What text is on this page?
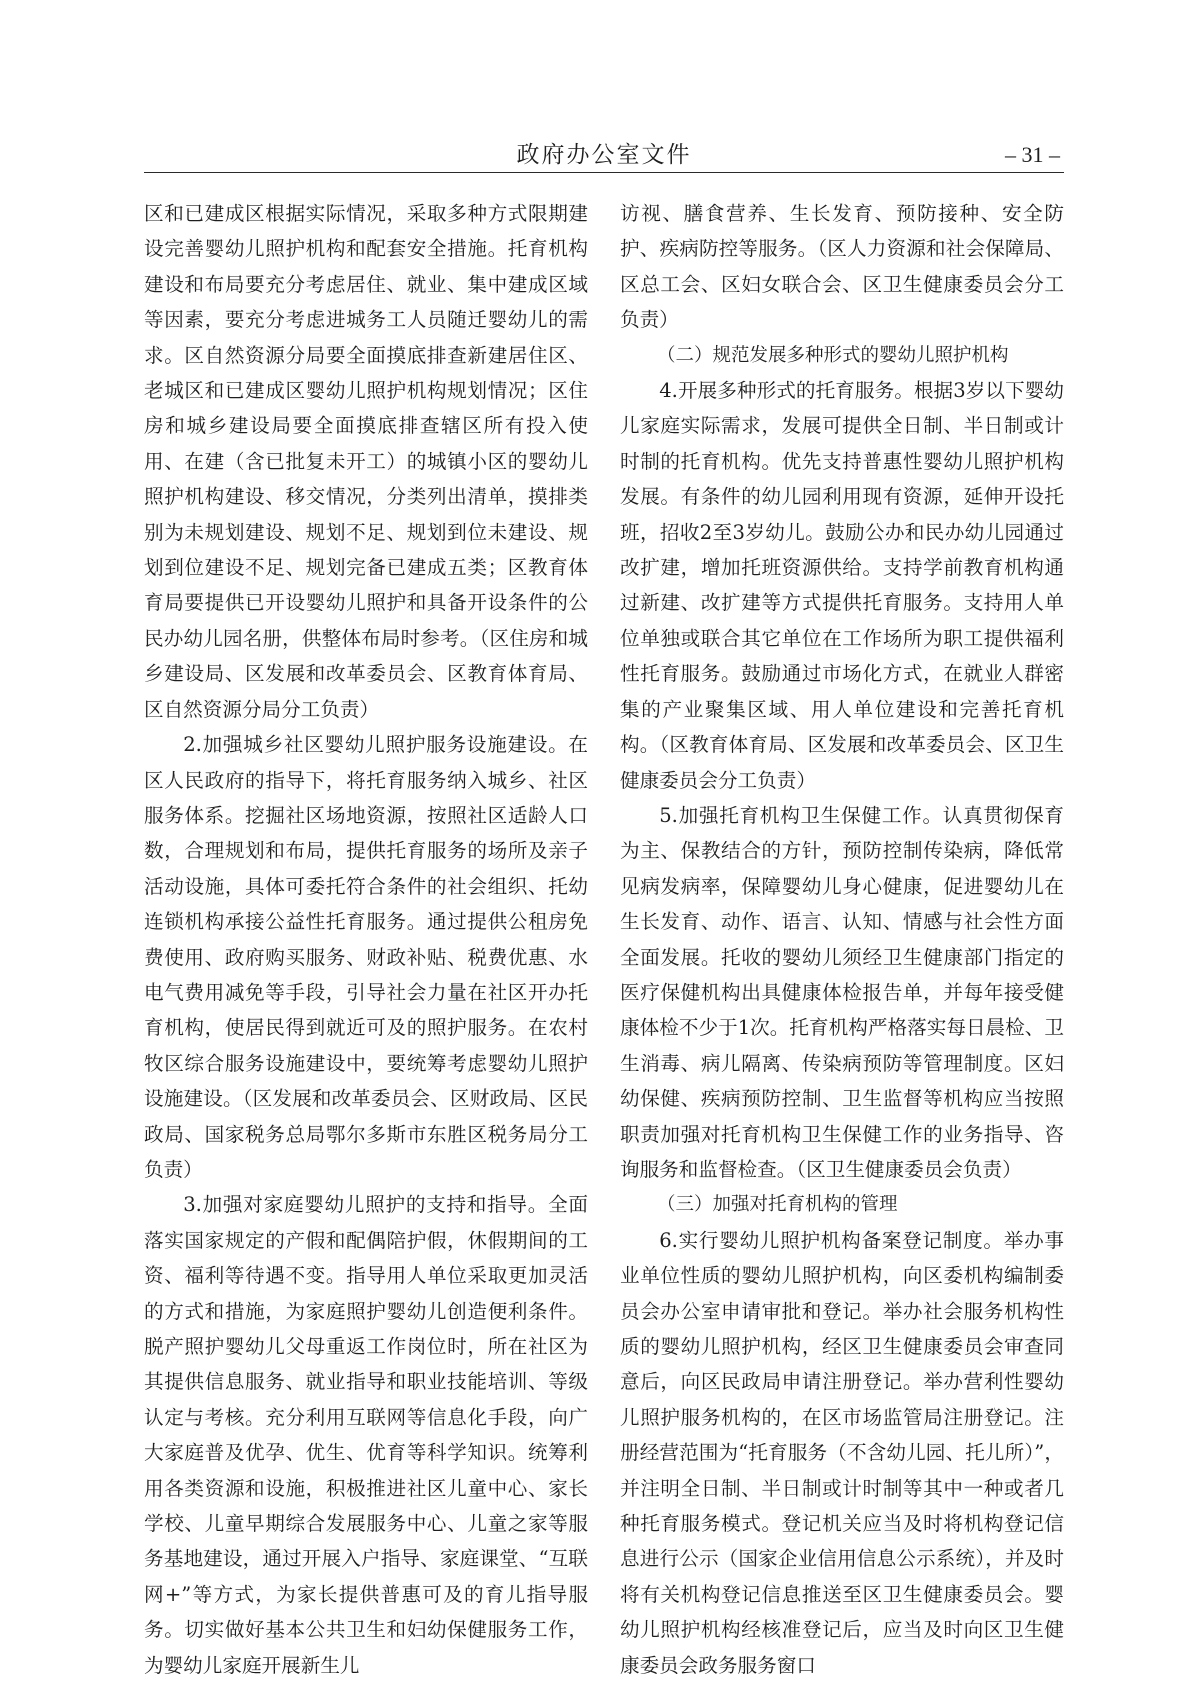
政府办公室文件	– 31 –

区和已建成区根据实际情况，采取多种方式限期建设完善婴幼儿照护机构和配套安全措施。托育机构建设和布局要充分考虑居住、就业、集中建成区域等因素，要充分考虑进城务工人员随迁婴幼儿的需求。区自然资源分局要全面摸底排查新建居住区、老城区和已建成区婴幼儿照护机构规划情况；区住房和城乡建设局要全面摸底排查辖区所有投入使用、在建（含已批复未开工）的城镇小区的婴幼儿照护机构建设、移交情况，分类列出清单，摸排类别为未规划建设、规划不足、规划到位未建设、规划到位建设不足、规划完备已建成五类；区教育体育局要提供已开设婴幼儿照护和具备开设条件的公民办幼儿园名册，供整体布局时参考。（区住房和城乡建设局、区发展和改革委员会、区教育体育局、区自然资源分局分工负责）

2.加强城乡社区婴幼儿照护服务设施建设。在区人民政府的指导下，将托育服务纳入城乡、社区服务体系。挖掘社区场地资源，按照社区适龄人口数，合理规划和布局，提供托育服务的场所及亲子活动设施，具体可委托符合条件的社会组织、托幼连锁机构承接公益性托育服务。通过提供公租房免费使用、政府购买服务、财政补贴、税费优惠、水电气费用减免等手段，引导社会力量在社区开办托育机构，使居民得到就近可及的照护服务。在农村牧区综合服务设施建设中，要统筹考虑婴幼儿照护设施建设。（区发展和改革委员会、区财政局、区民政局、国家税务总局鄂尔多斯市东胜区税务局分工负责）

3.加强对家庭婴幼儿照护的支持和指导。全面落实国家规定的产假和配偶陪护假，休假期间的工资、福利等待遇不变。指导用人单位采取更加灵活的方式和措施，为家庭照护婴幼儿创造便利条件。脱产照护婴幼儿父母重返工作岗位时，所在社区为其提供信息服务、就业指导和职业技能培训、等级认定与考核。充分利用互联网等信息化手段，向广大家庭普及优孕、优生、优育等科学知识。统筹利用各类资源和设施，积极推进社区儿童中心、家长学校、儿童早期综合发展服务中心、儿童之家等服务基地建设，通过开展入户指导、家庭课堂、“互联网+”等方式，为家长提供普惠可及的育儿指导服务。切实做好基本公共卫生和妇幼保健服务工作，为婴幼儿家庭开展新生儿

访视、膳食营养、生长发育、预防接种、安全防护、疾病防控等服务。（区人力资源和社会保障局、区总工会、区妇女联合会、区卫生健康委员会分工负责）

（二）规范发展多种形式的婴幼儿照护机构

4.开展多种形式的托育服务。根据3岁以下婴幼儿家庭实际需求，发展可提供全日制、半日制或计时制的托育机构。优先支持普惠性婴幼儿照护机构发展。有条件的幼儿园利用现有资源，延伸开设托班，招收2至3岁幼儿。鼓励公办和民办幼儿园通过改扩建，增加托班资源供给。支持学前教育机构通过新建、改扩建等方式提供托育服务。支持用人单位单独或联合其它单位在工作场所为职工提供福利性托育服务。鼓励通过市场化方式，在就业人群密集的产业聚集区域、用人单位建设和完善托育机构。（区教育体育局、区发展和改革委员会、区卫生健康委员会分工负责）

5.加强托育机构卫生保健工作。认真贯彻保育为主、保教结合的方针，预防控制传染病，降低常见病发病率，保障婴幼儿身心健康，促进婴幼儿在生长发育、动作、语言、认知、情感与社会性方面全面发展。托收的婴幼儿须经卫生健康部门指定的医疗保健机构出具健康体检报告单，并每年接受健康体检不少于1次。托育机构严格落实每日晨检、卫生消毒、病儿隔离、传染病预防等管理制度。区妇幼保健、疾病预防控制、卫生监督等机构应当按照职责加强对托育机构卫生保健工作的业务指导、咨询服务和监督检查。（区卫生健康委员会负责）

（三）加强对托育机构的管理

6.实行婴幼儿照护机构备案登记制度。举办事业单位性质的婴幼儿照护机构，向区委机构编制委员会办公室申请审批和登记。举办社会服务机构性质的婴幼儿照护机构，经区卫生健康委员会审查同意后，向区民政局申请注册登记。举办营利性婴幼儿照护服务机构的，在区市场监管局注册登记。注册经营范围为“托育服务（不含幼儿园、托儿所）”，并注明全日制、半日制或计时制等其中一种或者几种托育服务模式。登记机关应当及时将机构登记信息进行公示（国家企业信用信息公示系统），并及时将有关机构登记信息推送至区卫生健康委员会。婴幼儿照护机构经核准登记后，应当及时向区卫生健康委员会政务服务窗口
